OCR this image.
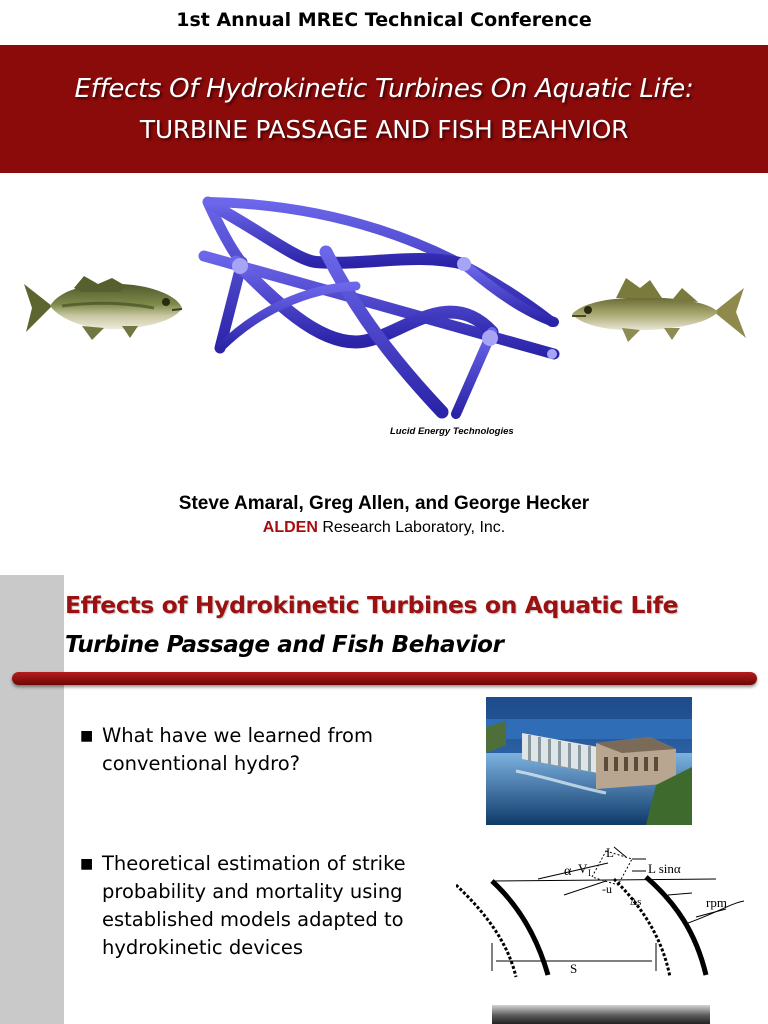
1st Annual MREC Technical Conference
Effects Of Hydrokinetic Turbines On Aquatic Life:
TURBINE PASSAGE AND FISH BEAHVIOR
Lucid Energy Technologies
Steve Amaral, Greg Allen, and George Hecker
ALDEN Research Laboratory, Inc.
Effects of Hydrokinetic Turbines on Aquatic Life
Turbine Passage and Fish Behavior
■ What have we learned from conventional hydro?
■ Theoretical estimation of strike probability and mortality using established models adapted to hydrokinetic devices
L
L sinα
α V I
-u
Δs	rpm
S
